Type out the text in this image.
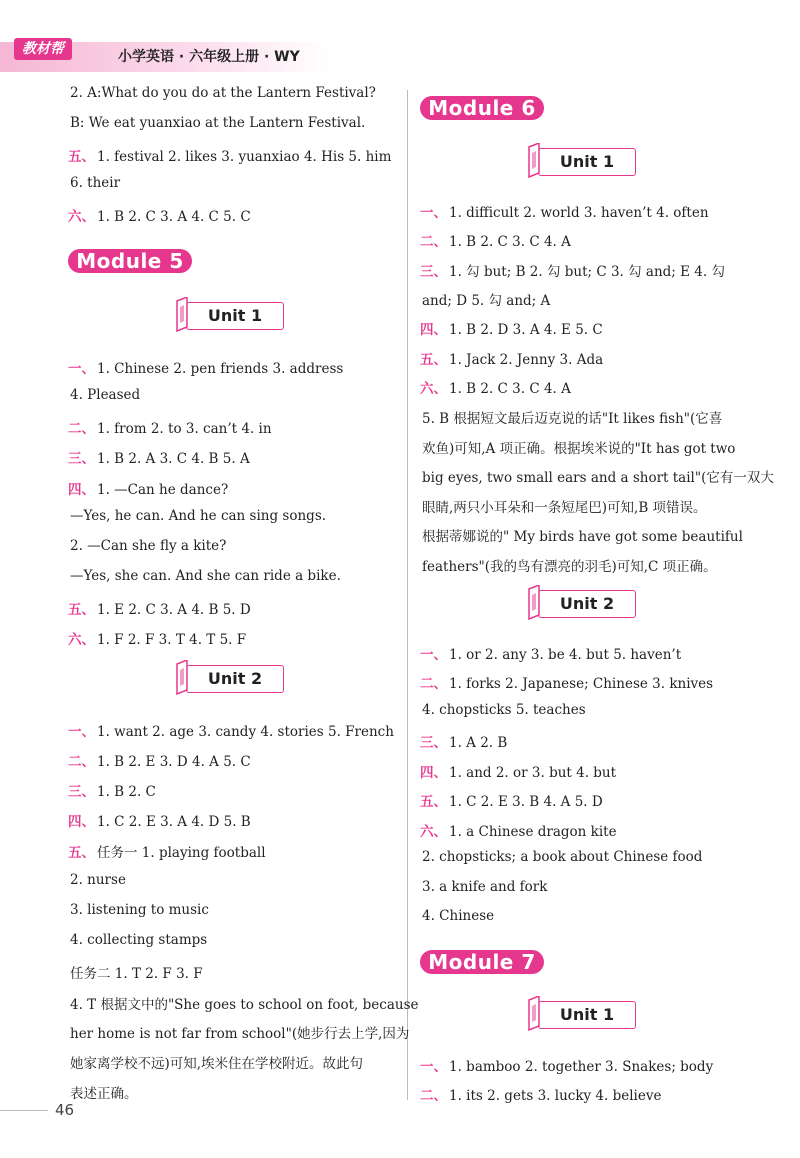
教材帮	小学英语 · 六年级上册 · WY
2. A:What do you do at the Lantern Festival?
B: We eat yuanxiao at the Lantern Festival.
五、 1. festival 2. likes 3. yuanxiao 4. His 5. him
6. their
六、 1. B 2. C 3. A 4. C 5. C
Module 5
Unit 1
一、 1. Chinese 2. pen friends 3. address
4. Pleased
二、 1. from 2. to 3. can’t 4. in
三、 1. B 2. A 3. C 4. B 5. A
四、 1. —Can he dance?
—Yes, he can. And he can sing songs.
2. —Can she fly a kite?
—Yes, she can. And she can ride a bike.
五、 1. E 2. C 3. A 4. B 5. D
六、 1. F 2. F 3. T 4. T 5. F
Unit 2
一、 1. want 2. age 3. candy 4. stories 5. French
二、 1. B 2. E 3. D 4. A 5. C
三、 1. B 2. C
四、 1. C 2. E 3. A 4. D 5. B
五、 任务一 1. playing football
2. nurse
3. listening to music
4. collecting stamps
任务二 1. T 2. F 3. F
4. T 根据文中的"She goes to school on foot, because
her home is not far from school"(她步行去上学,因为
她家离学校不远)可知,埃米住在学校附近。故此句
表述正确。
Module 6
Unit 1
一、 1. difficult 2. world 3. haven’t 4. often
二、 1. B 2. C 3. C 4. A
三、 1. 勾 but; B 2. 勾 but; C 3. 勾 and; E 4. 勾
and; D 5. 勾 and; A
四、 1. B 2. D 3. A 4. E 5. C
五、 1. Jack 2. Jenny 3. Ada
六、 1. B 2. C 3. C 4. A
5. B 根据短文最后迈克说的话"It likes fish"(它喜
欢鱼)可知,A 项正确。根据埃米说的"It has got two
big eyes, two small ears and a short tail"(它有一双大
眼睛,两只小耳朵和一条短尾巴)可知,B 项错误。
根据蒂娜说的" My birds have got some beautiful
feathers"(我的鸟有漂亮的羽毛)可知,C 项正确。
Unit 2
一、 1. or 2. any 3. be 4. but 5. haven’t
二、 1. forks 2. Japanese; Chinese 3. knives
4. chopsticks 5. teaches
三、 1. A 2. B
四、 1. and 2. or 3. but 4. but
五、 1. C 2. E 3. B 4. A 5. D
六、 1. a Chinese dragon kite
2. chopsticks; a book about Chinese food
3. a knife and fork
4. Chinese
Module 7
Unit 1
一、 1. bamboo 2. together 3. Snakes; body
二、 1. its 2. gets 3. lucky 4. believe
46
